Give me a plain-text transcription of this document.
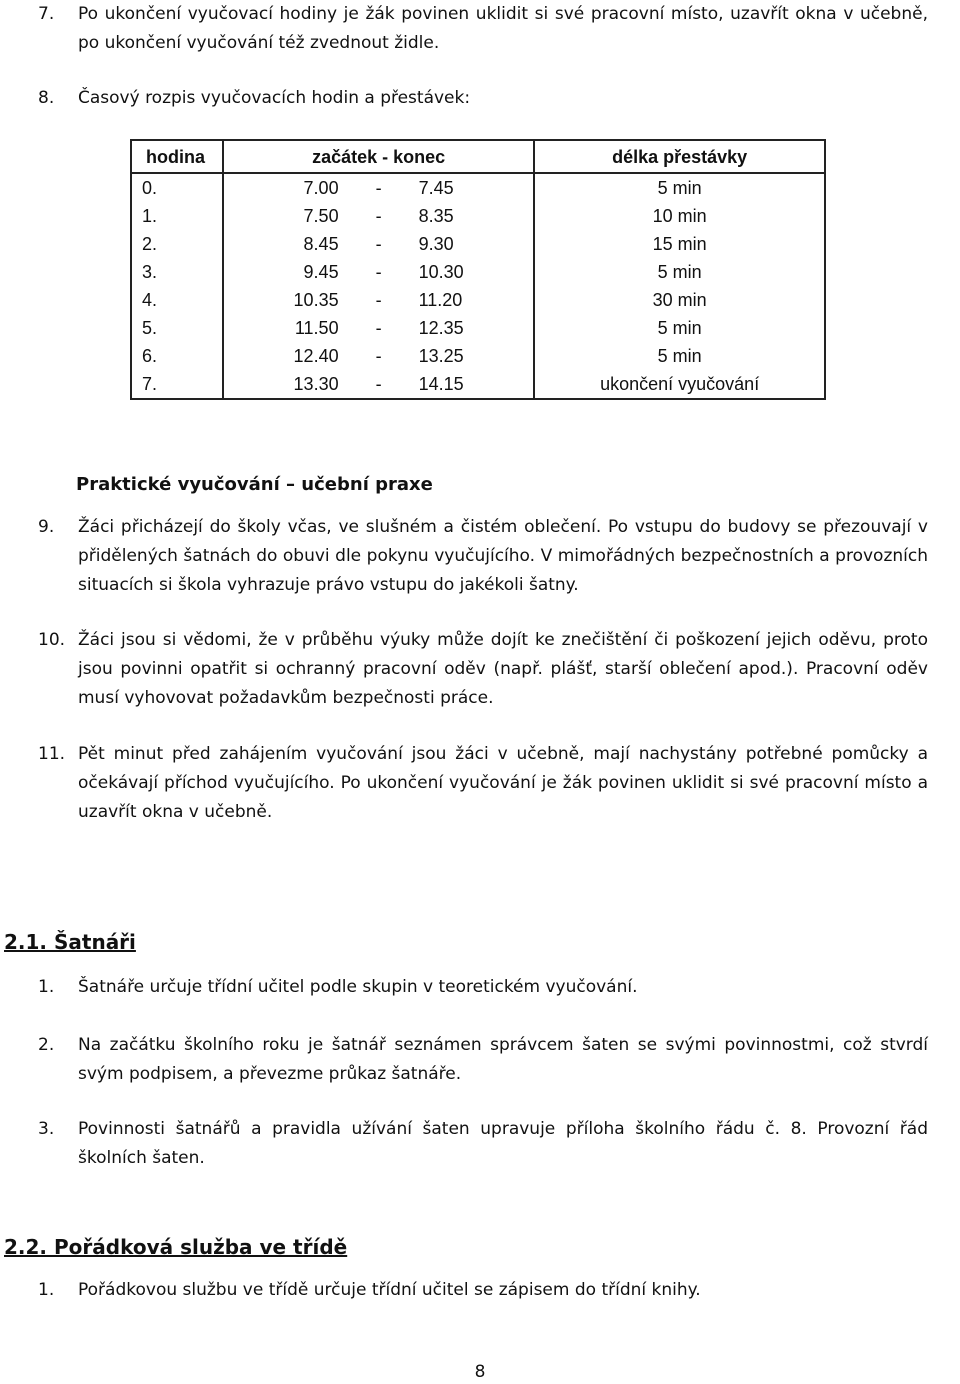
7. Po ukončení vyučovací hodiny je žák povinen uklidit si své pracovní místo, uzavřít okna v učebně, po ukončení vyučování též zvednout židle.
8. Časový rozpis vyučovacích hodin a přestávek:
hodina	začátek - konec	délka přestávky
0.	7.00 - 7.45	5 min
1.	7.50 - 8.35	10 min
2.	8.45 - 9.30	15 min
3.	9.45 - 10.30	5 min
4.	10.35 - 11.20	30 min
5.	11.50 - 12.35	5 min
6.	12.40 - 13.25	5 min
7.	13.30 - 14.15	ukončení vyučování
Praktické vyučování – učební praxe
9. Žáci přicházejí do školy včas, ve slušném a čistém oblečení. Po vstupu do budovy se přezouvají v přidělených šatnách do obuvi dle pokynu vyučujícího. V mimořádných bezpečnostních a provozních situacích si škola vyhrazuje právo vstupu do jakékoli šatny.
10. Žáci jsou si vědomi, že v průběhu výuky může dojít ke znečištění či poškození jejich oděvu, proto jsou povinni opatřit si ochranný pracovní oděv (např. plášť, starší oblečení apod.). Pracovní oděv musí vyhovovat požadavkům bezpečnosti práce.
11. Pět minut před zahájením vyučování jsou žáci v učebně, mají nachystány potřebné pomůcky a očekávají příchod vyučujícího. Po ukončení vyučování je žák povinen uklidit si své pracovní místo a uzavřít okna v učebně.
2.1. Šatnáři
1. Šatnáře určuje třídní učitel podle skupin v teoretickém vyučování.
2. Na začátku školního roku je šatnář seznámen správcem šaten se svými povinnostmi, což stvrdí svým podpisem, a převezme průkaz šatnáře.
3. Povinnosti šatnářů a pravidla užívání šaten upravuje příloha školního řádu č. 8. Provozní řád školních šaten.
2.2. Pořádková služba ve třídě
1. Pořádkovou službu ve třídě určuje třídní učitel se zápisem do třídní knihy.
8
